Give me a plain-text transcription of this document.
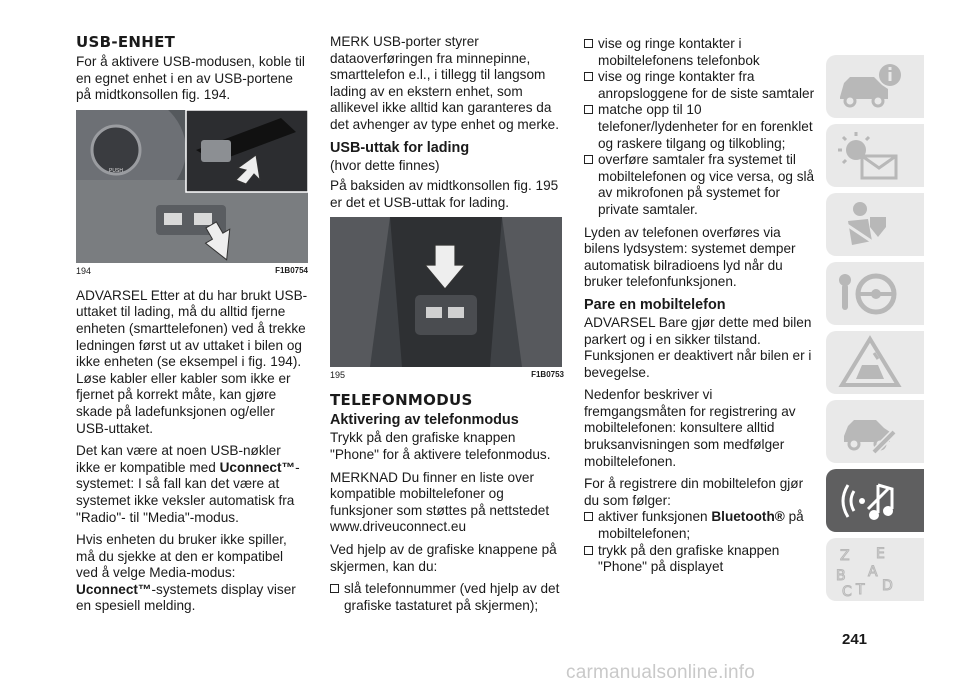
USB-ENHET

For å aktivere USB-modusen, koble til en egnet enhet i en av USB-portene på midtkonsollen fig. 194.

PUSH
194	F1B0754

ADVARSEL Etter at du har brukt USB-uttaket til lading, må du alltid fjerne enheten (smarttelefonen) ved å trekke ledningen først ut av uttaket i bilen og ikke enheten (se eksempel i fig. 194). Løse kabler eller kabler som ikke er fjernet på korrekt måte, kan gjøre skade på ladefunksjonen og/eller USB-uttaket.

Det kan være at noen USB-nøkler ikke er kompatible med Uconnect™-systemet: I så fall kan det være at systemet ikke veksler automatisk fra "Radio"- til "Media"-modus.

Hvis enheten du bruker ikke spiller, må du sjekke at den er kompatibel ved å velge Media-modus: Uconnect™-systemets display viser en spesiell melding.

MERK USB-porter styrer dataoverføringen fra minnepinne, smarttelefon e.l., i tillegg til langsom lading av en ekstern enhet, som allikevel ikke alltid kan garanteres da det avhenger av type enhet og merke.

USB-uttak for lading

(hvor dette finnes)

På baksiden av midtkonsollen fig. 195 er det et USB-uttak for lading.

195	F1B0753
TELEFONMODUS
Aktivering av telefonmodus

Trykk på den grafiske knappen "Phone" for å aktivere telefonmodus.

MERKNAD Du finner en liste over kompatible mobiltelefoner og funksjoner som støttes på nettstedet www.driveuconnect.eu

Ved hjelp av de grafiske knappene på skjermen, kan du:

slå telefonnummer (ved hjelp av det grafiske tastaturet på skjermen);
vise og ringe kontakter i mobiltelefonens telefonbok
vise og ringe kontakter fra anropsloggene for de siste samtaler
matche opp til 10 telefoner/lydenheter for en forenklet og raskere tilgang og tilkobling;
overføre samtaler fra systemet til mobiltelefonen og vice versa, og slå av mikrofonen på systemet for private samtaler.

Lyden av telefonen overføres via bilens lydsystem: systemet demper automatisk bilradioens lyd når du bruker telefonfunksjonen.

Pare en mobiltelefon

ADVARSEL Bare gjør dette med bilen parkert og i en sikker tilstand. Funksjonen er deaktivert når bilen er i bevegelse.

Nedenfor beskriver vi fremgangsmåten for registrering av mobiltelefonen: konsultere alltid bruksanvisningen som medfølger mobiltelefonen.

For å registrere din mobiltelefon gjør du som følger:

aktiver funksjonen Bluetooth® på mobiltelefonen;
trykk på den grafiske knappen "Phone" på displayet
Z E
B A
C T D
241
carmanualsonline.info
